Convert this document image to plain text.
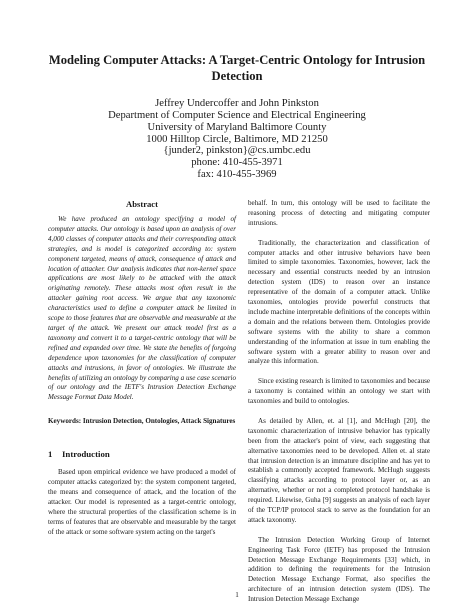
Modeling Computer Attacks: A Target-Centric Ontology for Intrusion Detection
Jeffrey Undercoffer and John Pinkston
Department of Computer Science and Electrical Engineering
University of Maryland Baltimore County
1000 Hilltop Circle, Baltimore, MD 21250
{junder2, pinkston}@cs.umbc.edu
phone: 410-455-3971
fax: 410-455-3969
Abstract

We have produced an ontology specifying a model of computer attacks. Our ontology is based upon an analysis of over 4,000 classes of computer attacks and their corresponding attack strategies, and is model is categorized according to: system component targeted, means of attack, consequence of attack and location of attacker. Our analysis indicates that non-kernel space applications are most likely to be attacked with the attack originating remotely. These attacks most often result in the attacker gaining root access. We argue that any taxonomic characteristics used to define a computer attack be limited in scope to those features that are observable and measurable at the target of the attack. We present our attack model first as a taxonomy and convert it to a target-centric ontology that will be refined and expanded over time. We state the benefits of forgoing dependence upon taxonomies for the classification of computer attacks and intrusions, in favor of ontologies. We illustrate the benefits of utilizing an ontology by comparing a use case scenario of our ontology and the IETF's Intrusion Detection Exchange Message Format Data Model.

Keywords: Intrusion Detection, Ontologies, Attack Signatures
1 Introduction

Based upon empirical evidence we have produced a model of computer attacks categorized by: the system component targeted, the means and consequence of attack, and the location of the attacker. Our model is represented as a target-centric ontology, where the structural properties of the classification scheme is in terms of features that are observable and measurable by the target of the attack or some software system acting on the target's

behalf. In turn, this ontology will be used to facilitate the reasoning process of detecting and mitigating computer intrusions.

Traditionally, the characterization and classification of computer attacks and other intrusive behaviors have been limited to simple taxonomies. Taxonomies, however, lack the necessary and essential constructs needed by an intrusion detection system (IDS) to reason over an instance representative of the domain of a computer attack. Unlike taxonomies, ontologies provide powerful constructs that include machine interpretable definitions of the concepts within a domain and the relations between them. Ontologies provide software systems with the ability to share a common understanding of the information at issue in turn enabling the software system with a greater ability to reason over and analyze this information.

Since existing research is limited to taxonomies and because a taxonomy is contained within an ontology we start with taxonomies and build to ontologies.

As detailed by Allen, et. al [1], and McHugh [20], the taxonomic characterization of intrusive behavior has typically been from the attacker's point of view, each suggesting that alternative taxonomies need to be developed. Allen et. al state that intrusion detection is an immature discipline and has yet to establish a commonly accepted framework. McHugh suggests classifying attacks according to protocol layer or, as an alternative, whether or not a completed protocol handshake is required. Likewise, Guha [9] suggests an analysis of each layer of the TCP/IP protocol stack to serve as the foundation for an attack taxonomy.

The Intrusion Detection Working Group of Internet Engineering Task Force (IETF) has proposed the Intrusion Detection Message Exchange Requirements [33] which, in addition to defining the requirements for the Intrusion Detection Message Exchange Format, also specifies the architecture of an intrusion detection system (IDS). The Intrusion Detection Message Exchange

1
